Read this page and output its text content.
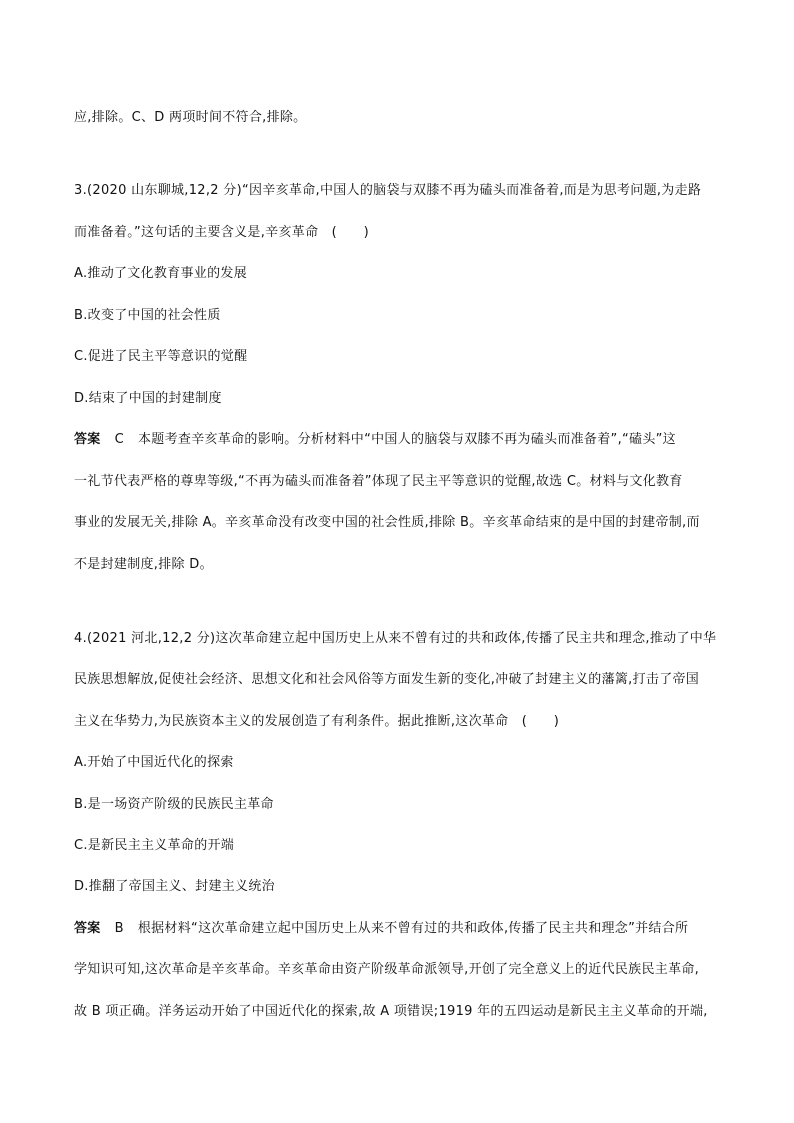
应,排除。C、D 两项时间不符合,排除。
3.(2020 山东聊城,12,2 分)“因辛亥革命,中国人的脑袋与双膝不再为磕头而准备着,而是为思考问题,为走路
而准备着。”这句话的主要含义是,辛亥革命　(　　)
A.推动了文化教育事业的发展
B.改变了中国的社会性质
C.促进了民主平等意识的觉醒
D.结束了中国的封建制度
答案 C 本题考查辛亥革命的影响。分析材料中“中国人的脑袋与双膝不再为磕头而准备着”,“磕头”这
一礼节代表严格的尊卑等级,“不再为磕头而准备着”体现了民主平等意识的觉醒,故选 C。材料与文化教育
事业的发展无关,排除 A。辛亥革命没有改变中国的社会性质,排除 B。辛亥革命结束的是中国的封建帝制,而
不是封建制度,排除 D。
4.(2021 河北,12,2 分)这次革命建立起中国历史上从来不曾有过的共和政体,传播了民主共和理念,推动了中华
民族思想解放,促使社会经济、思想文化和社会风俗等方面发生新的变化,冲破了封建主义的藩篱,打击了帝国
主义在华势力,为民族资本主义的发展创造了有利条件。据此推断,这次革命　(　　)
A.开始了中国近代化的探索
B.是一场资产阶级的民族民主革命
C.是新民主主义革命的开端
D.推翻了帝国主义、封建主义统治
答案 B 根据材料“这次革命建立起中国历史上从来不曾有过的共和政体,传播了民主共和理念”并结合所
学知识可知,这次革命是辛亥革命。辛亥革命由资产阶级革命派领导,开创了完全意义上的近代民族民主革命,
故 B 项正确。洋务运动开始了中国近代化的探索,故 A 项错误;1919 年的五四运动是新民主主义革命的开端,
